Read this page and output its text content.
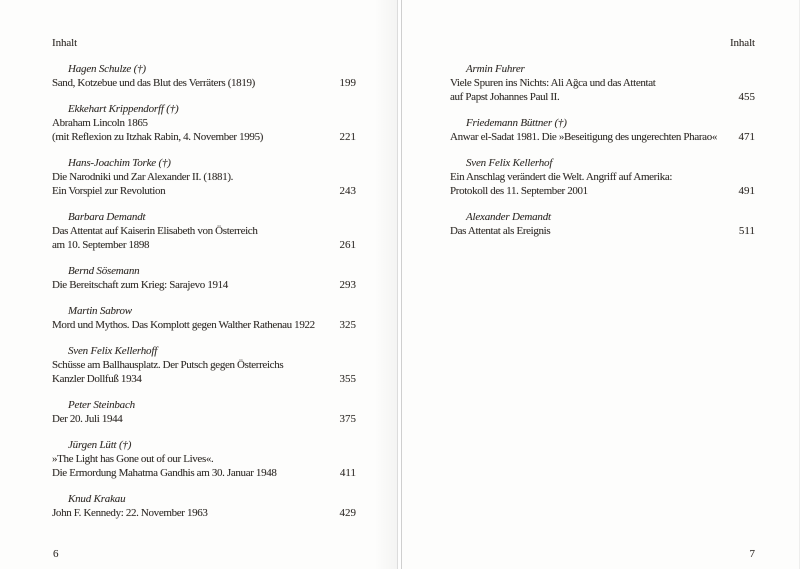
Inhalt
Hagen Schulze (†)
Sand, Kotzebue und das Blut des Verräters (1819)	199
Ekkehart Krippendorff (†)
Abraham Lincoln 1865
(mit Reflexion zu Itzhak Rabin, 4. November 1995)	221
Hans-Joachim Torke (†)
Die Narodniki und Zar Alexander II. (1881).
Ein Vorspiel zur Revolution	243
Barbara Demandt
Das Attentat auf Kaiserin Elisabeth von Österreich
am 10. September 1898	261
Bernd Sösemann
Die Bereitschaft zum Krieg: Sarajevo 1914	293
Martin Sabrow
Mord und Mythos. Das Komplott gegen Walther Rathenau 1922	325
Sven Felix Kellerhoff
Schüsse am Ballhausplatz. Der Putsch gegen Österreichs
Kanzler Dollfuß 1934	355
Peter Steinbach
Der 20. Juli 1944	375
Jürgen Lütt (†)
»The Light has Gone out of our Lives«.
Die Ermordung Mahatma Gandhis am 30. Januar 1948	411
Knud Krakau
John F. Kennedy: 22. November 1963	429
6
Inhalt
Armin Fuhrer
Viele Spuren ins Nichts: Ali Ağca und das Attentat
auf Papst Johannes Paul II.	455
Friedemann Büttner (†)
Anwar el-Sadat 1981. Die »Beseitigung des ungerechten Pharao«	471
Sven Felix Kellerhof
Ein Anschlag verändert die Welt. Angriff auf Amerika:
Protokoll des 11. September 2001	491
Alexander Demandt
Das Attentat als Ereignis	511
7
